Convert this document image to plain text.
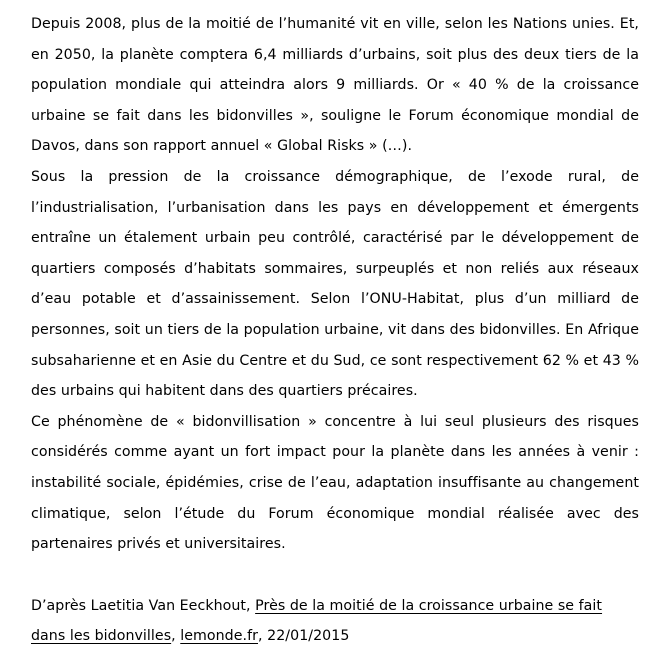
Depuis 2008, plus de la moitié de l’humanité vit en ville, selon les Nations unies. Et, en 2050, la planète comptera 6,4 milliards d’urbains, soit plus des deux tiers de la population mondiale qui atteindra alors 9 milliards. Or « 40 % de la croissance urbaine se fait dans les bidonvilles », souligne le Forum économique mondial de Davos, dans son rapport annuel « Global Risks » (…).

Sous la pression de la croissance démographique, de l’exode rural, de l’industrialisation, l’urbanisation dans les pays en développement et émergents entraîne un étalement urbain peu contrôlé, caractérisé par le développement de quartiers composés d’habitats sommaires, surpeuplés et non reliés aux réseaux d’eau potable et d’assainissement. Selon l’ONU-Habitat, plus d’un milliard de personnes, soit un tiers de la population urbaine, vit dans des bidonvilles. En Afrique subsaharienne et en Asie du Centre et du Sud, ce sont respectivement 62 % et 43 % des urbains qui habitent dans des quartiers précaires.

Ce phénomène de « bidonvillisation » concentre à lui seul plusieurs des risques considérés comme ayant un fort impact pour la planète dans les années à venir : instabilité sociale, épidémies, crise de l’eau, adaptation insuffisante au changement climatique, selon l’étude du Forum économique mondial réalisée avec des partenaires privés et universitaires.

D’après Laetitia Van Eeckhout, Près de la moitié de la croissance urbaine se fait dans les bidonvilles, lemonde.fr, 22/01/2015
